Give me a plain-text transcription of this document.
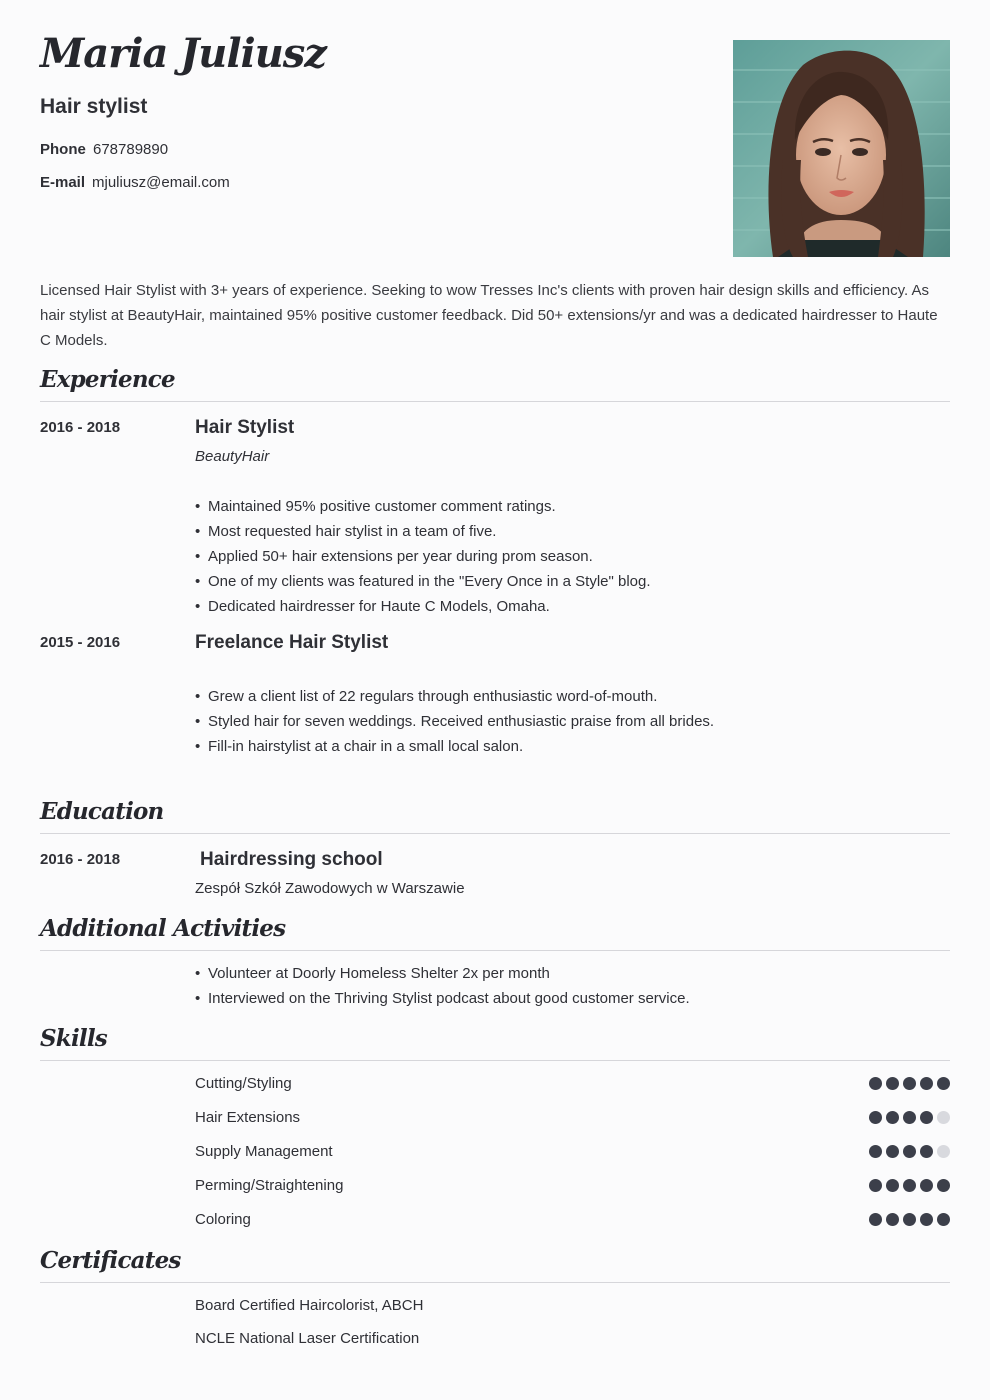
Maria Juliusz
Hair stylist
Phone 678789890
E-mail mjuliusz@email.com

Licensed Hair Stylist with 3+ years of experience. Seeking to wow Tresses Inc's clients with proven hair design skills and efficiency. As hair stylist at BeautyHair, maintained 95% positive customer feedback. Did 50+ extensions/yr and was a dedicated hairdresser to Haute C Models.

Experience
2016 - 2018	Hair Stylist
BeautyHair
• Maintained 95% positive customer comment ratings.
• Most requested hair stylist in a team of five.
• Applied 50+ hair extensions per year during prom season.
• One of my clients was featured in the "Every Once in a Style" blog.
• Dedicated hairdresser for Haute C Models, Omaha.
2015 - 2016	Freelance Hair Stylist
• Grew a client list of 22 regulars through enthusiastic word-of-mouth.
• Styled hair for seven weddings. Received enthusiastic praise from all brides.
• Fill-in hairstylist at a chair in a small local salon.
Education
2016 - 2018	Hairdressing school
Zespół Szkół Zawodowych w Warszawie
Additional Activities
• Volunteer at Doorly Homeless Shelter 2x per month
• Interviewed on the Thriving Stylist podcast about good customer service.
Skills
Cutting/Styling
Hair Extensions
Supply Management
Perming/Straightening
Coloring
Certificates
Board Certified Haircolorist, ABCH
NCLE National Laser Certification
